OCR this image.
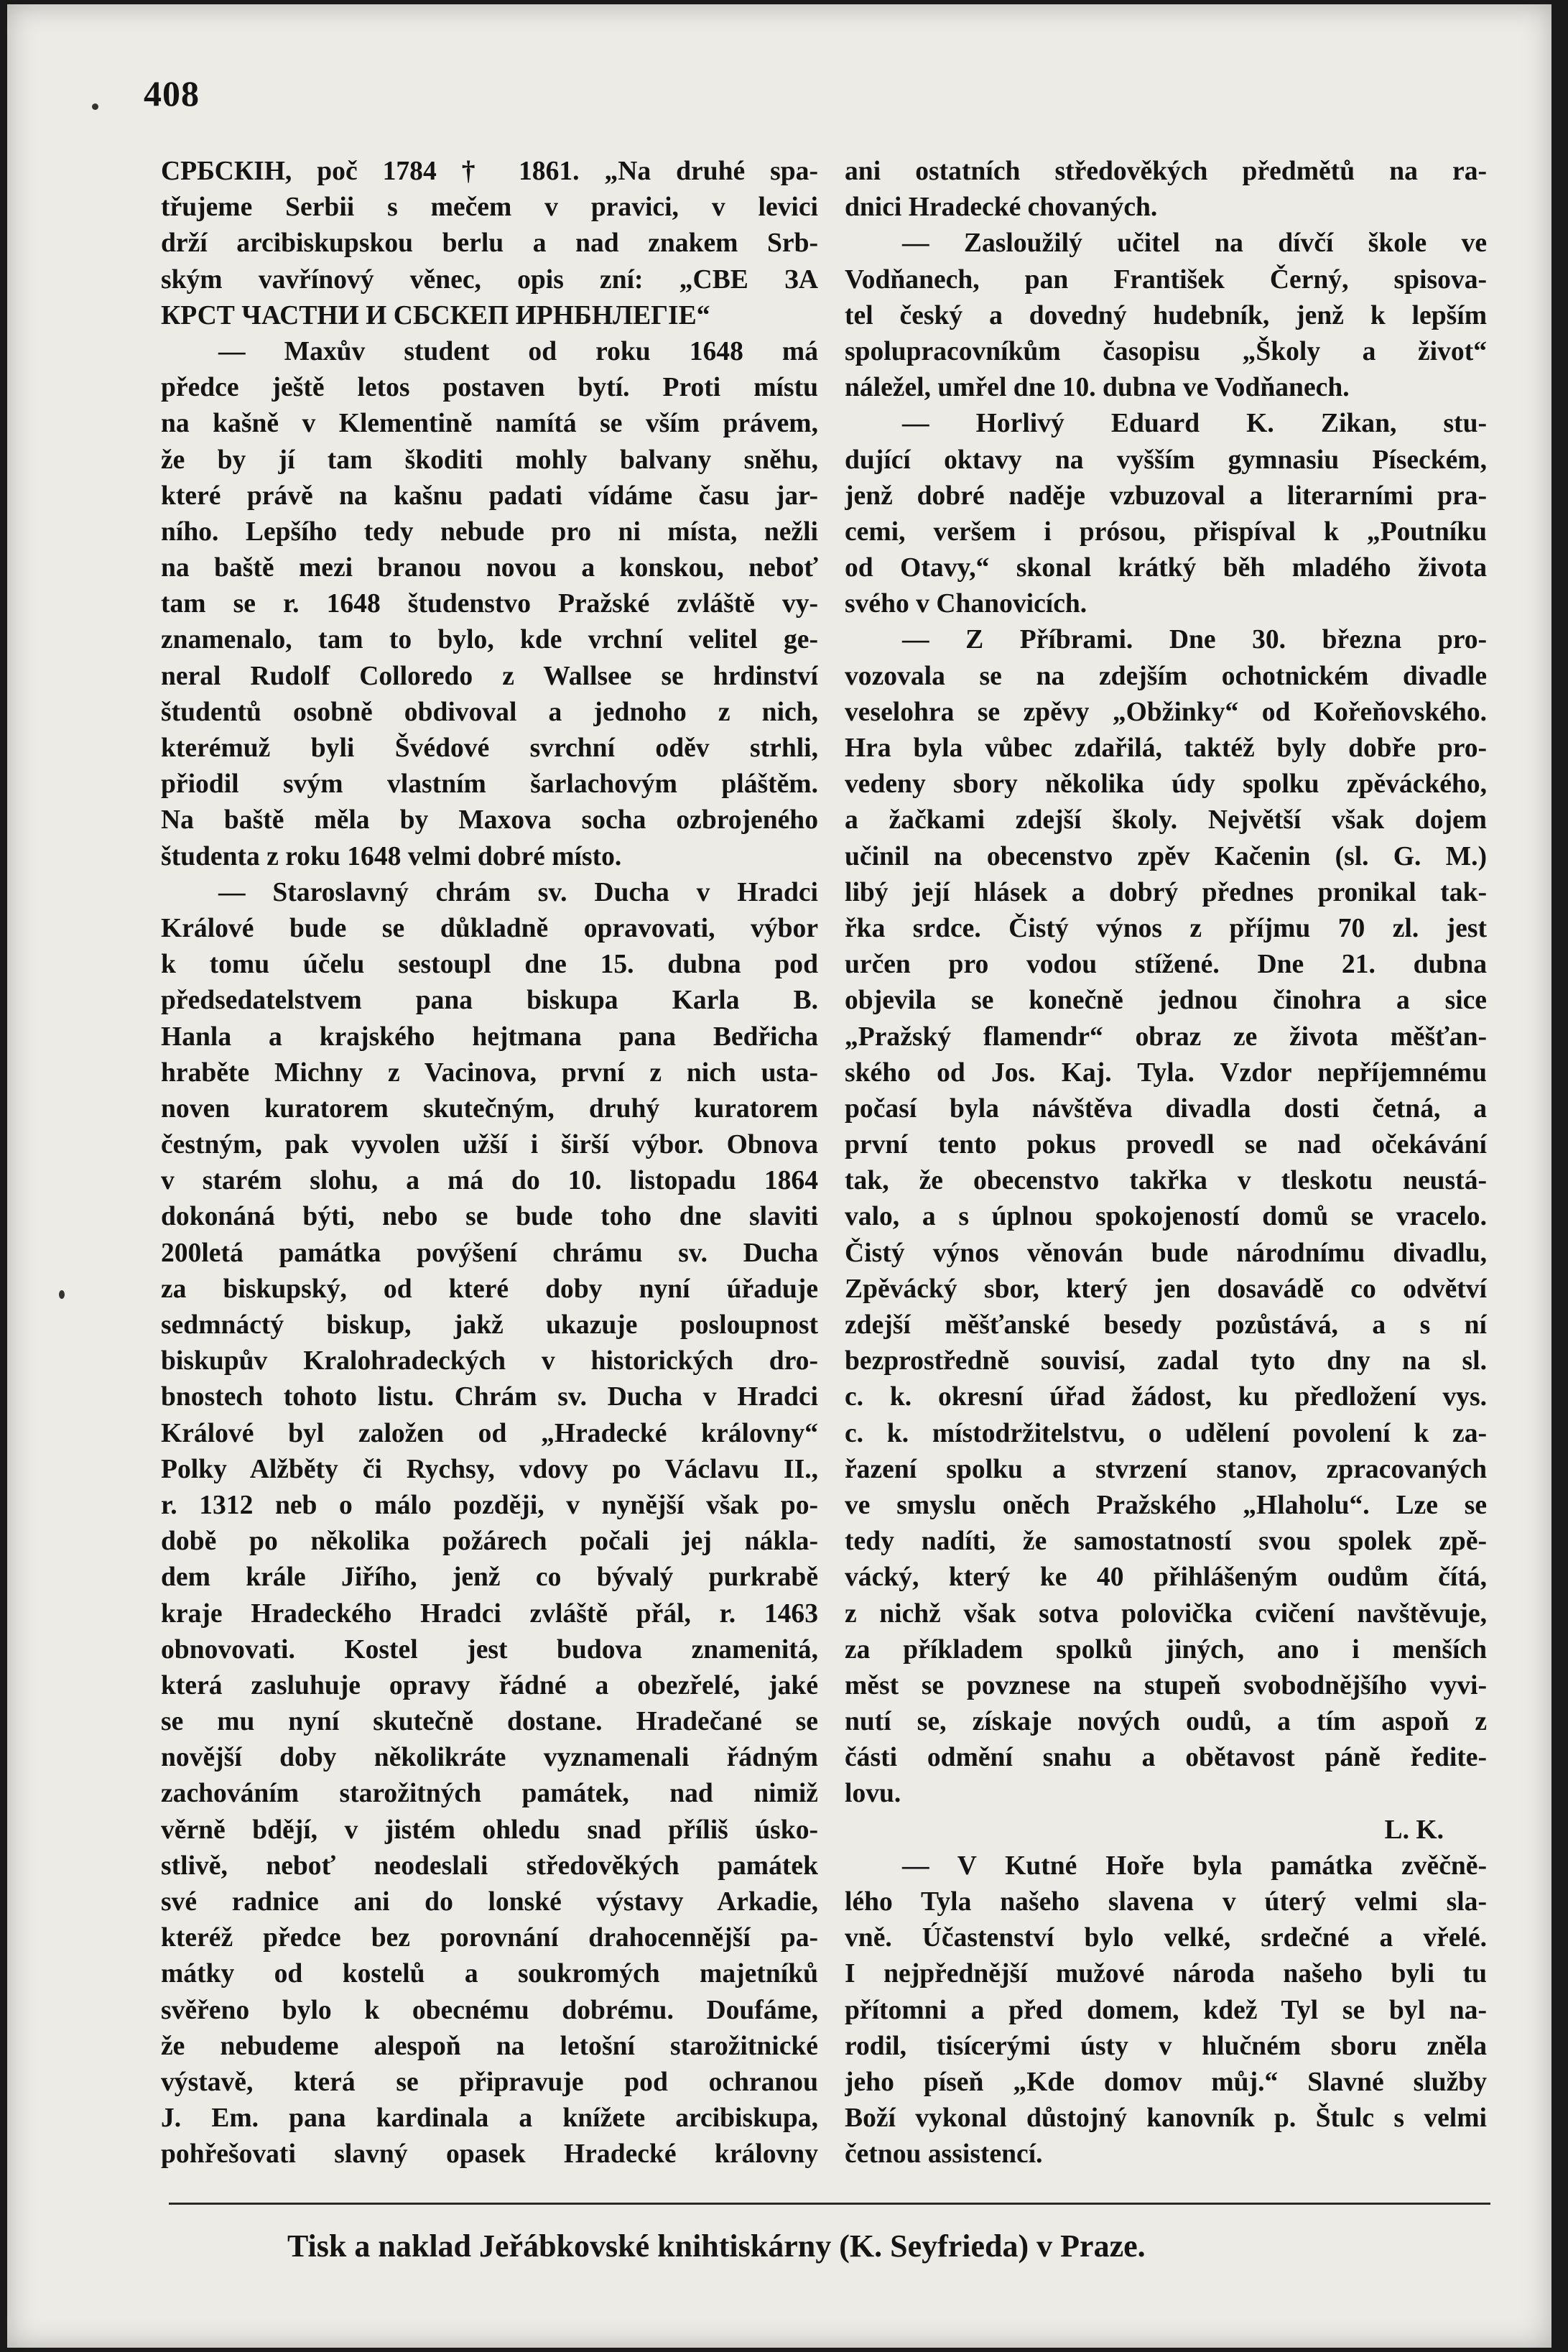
408
СРБСКІН, poč 1784 † 1861. „Na druhé spa-
třujeme Serbii s mečem v pravici, v levici
drží arcibiskupskou berlu a nad znakem Srb-
ským vavřínový věnec, opis zní: „СВЕ ЗА
КРСТ ЧАСТНИ И СБСКЕП ИРНБНЛЕГІЕ“
— Maxův student od roku 1648 má
předce ještě letos postaven bytí. Proti místu
na kašně v Klementině namítá se vším právem,
že by jí tam škoditi mohly balvany sněhu,
které právě na kašnu padati vídáme času jar-
ního. Lepšího tedy nebude pro ni místa, nežli
na baště mezi branou novou a konskou, neboť
tam se r. 1648 študenstvo Pražské zvláště vy-
znamenalo, tam to bylo, kde vrchní velitel ge-
neral Rudolf Colloredo z Wallsee se hrdinství
študentů osobně obdivoval a jednoho z nich,
kterémuž byli Švédové svrchní oděv strhli,
přiodil svým vlastním šarlachovým pláštěm.
Na baště měla by Maxova socha ozbrojeného
študenta z roku 1648 velmi dobré místo.
— Staroslavný chrám sv. Ducha v Hradci
Králové bude se důkladně opravovati, výbor
k tomu účelu sestoupl dne 15. dubna pod
předsedatelstvem pana biskupa Karla B.
Hanla a krajského hejtmana pana Bedřicha
hraběte Michny z Vacinova, první z nich usta-
noven kuratorem skutečným, druhý kuratorem
čestným, pak vyvolen užší i širší výbor. Obnova
v starém slohu, a má do 10. listopadu 1864
dokonáná býti, nebo se bude toho dne slaviti
200letá památka povýšení chrámu sv. Ducha
za biskupský, od které doby nyní úřaduje
sedmnáctý biskup, jakž ukazuje posloupnost
biskupův Kralohradeckých v historických dro-
bnostech tohoto listu. Chrám sv. Ducha v Hradci
Králové byl založen od „Hradecké královny“
Polky Alžběty či Rychsy, vdovy po Václavu II.,
r. 1312 neb o málo později, v nynější však po-
době po několika požárech počali jej nákla-
dem krále Jiřího, jenž co bývalý purkrabě
kraje Hradeckého Hradci zvláště přál, r. 1463
obnovovati. Kostel jest budova znamenitá,
která zasluhuje opravy řádné a obezřelé, jaké
se mu nyní skutečně dostane. Hradečané se
novější doby několikráte vyznamenali řádným
zachováním starožitných památek, nad nimiž
věrně bdějí, v jistém ohledu snad příliš úsko-
stlivě, neboť neodeslali středověkých památek
své radnice ani do lonské výstavy Arkadie,
kteréž předce bez porovnání drahocennější pa-
mátky od kostelů a soukromých majetníků
svěřeno bylo k obecnému dobrému. Doufáme,
že nebudeme alespoň na letošní starožitnické
výstavě, která se připravuje pod ochranou
J. Em. pana kardinala a knížete arcibiskupa,
pohřešovati slavný opasek Hradecké královny
ani ostatních středověkých předmětů na ra-
dnici Hradecké chovaných.
— Zasloužilý učitel na dívčí škole ve
Vodňanech, pan František Černý, spisova-
tel český a dovedný hudebník, jenž k lepším
spolupracovníkům časopisu „Školy a život“
náležel, umřel dne 10. dubna ve Vodňanech.
— Horlivý Eduard K. Zikan, stu-
dující oktavy na vyšším gymnasiu Píseckém,
jenž dobré naděje vzbuzoval a literarními pra-
cemi, veršem i prósou, přispíval k „Poutníku
od Otavy,“ skonal krátký běh mladého života
svého v Chanovicích.
— Z Příbrami. Dne 30. března pro-
vozovala se na zdejším ochotnickém divadle
veselohra se zpěvy „Obžinky“ od Kořeňovského.
Hra byla vůbec zdařilá, taktéž byly dobře pro-
vedeny sbory několika údy spolku zpěváckého,
a žačkami zdejší školy. Největší však dojem
učinil na obecenstvo zpěv Kačenin (sl. G. M.)
libý její hlásek a dobrý přednes pronikal tak-
řka srdce. Čistý výnos z příjmu 70 zl. jest
určen pro vodou stížené. Dne 21. dubna
objevila se konečně jednou činohra a sice
„Pražský flamendr“ obraz ze života měšťan-
ského od Jos. Kaj. Tyla. Vzdor nepříjemnému
počasí byla návštěva divadla dosti četná, a
první tento pokus provedl se nad očekávání
tak, že obecenstvo takřka v tleskotu neustá-
valo, a s úplnou spokojeností domů se vracelo.
Čistý výnos věnován bude národnímu divadlu,
Zpěvácký sbor, který jen dosavádě co odvětví
zdejší měšťanské besedy pozůstává, a s ní
bezprostředně souvisí, zadal tyto dny na sl.
c. k. okresní úřad žádost, ku předložení vys.
c. k. místodržitelstvu, o udělení povolení k za-
řazení spolku a stvrzení stanov, zpracovaných
ve smyslu oněch Pražského „Hlaholu“. Lze se
tedy nadíti, že samostatností svou spolek zpě-
vácký, který ke 40 přihlášeným oudům čítá,
z nichž však sotva polovička cvičení navštěvuje,
za příkladem spolků jiných, ano i menších
měst se povznese na stupeň svobodnějšího vyvi-
nutí se, získaje nových oudů, a tím aspoň z
části odmění snahu a obětavost páně ředite-
lovu.
L. K.
— V Kutné Hoře byla památka zvěčně-
lého Tyla našeho slavena v úterý velmi sla-
vně. Účastenství bylo velké, srdečné a vřelé.
I nejpřednější mužové národa našeho byli tu
přítomni a před domem, kdež Tyl se byl na-
rodil, tisícerými ústy v hlučném sboru zněla
jeho píseň „Kde domov můj.“ Slavné služby
Boží vykonal důstojný kanovník p. Štulc s velmi
četnou assistencí.
Tisk a naklad Jeřábkovské knihtiskárny (K. Seyfrieda) v Praze.
